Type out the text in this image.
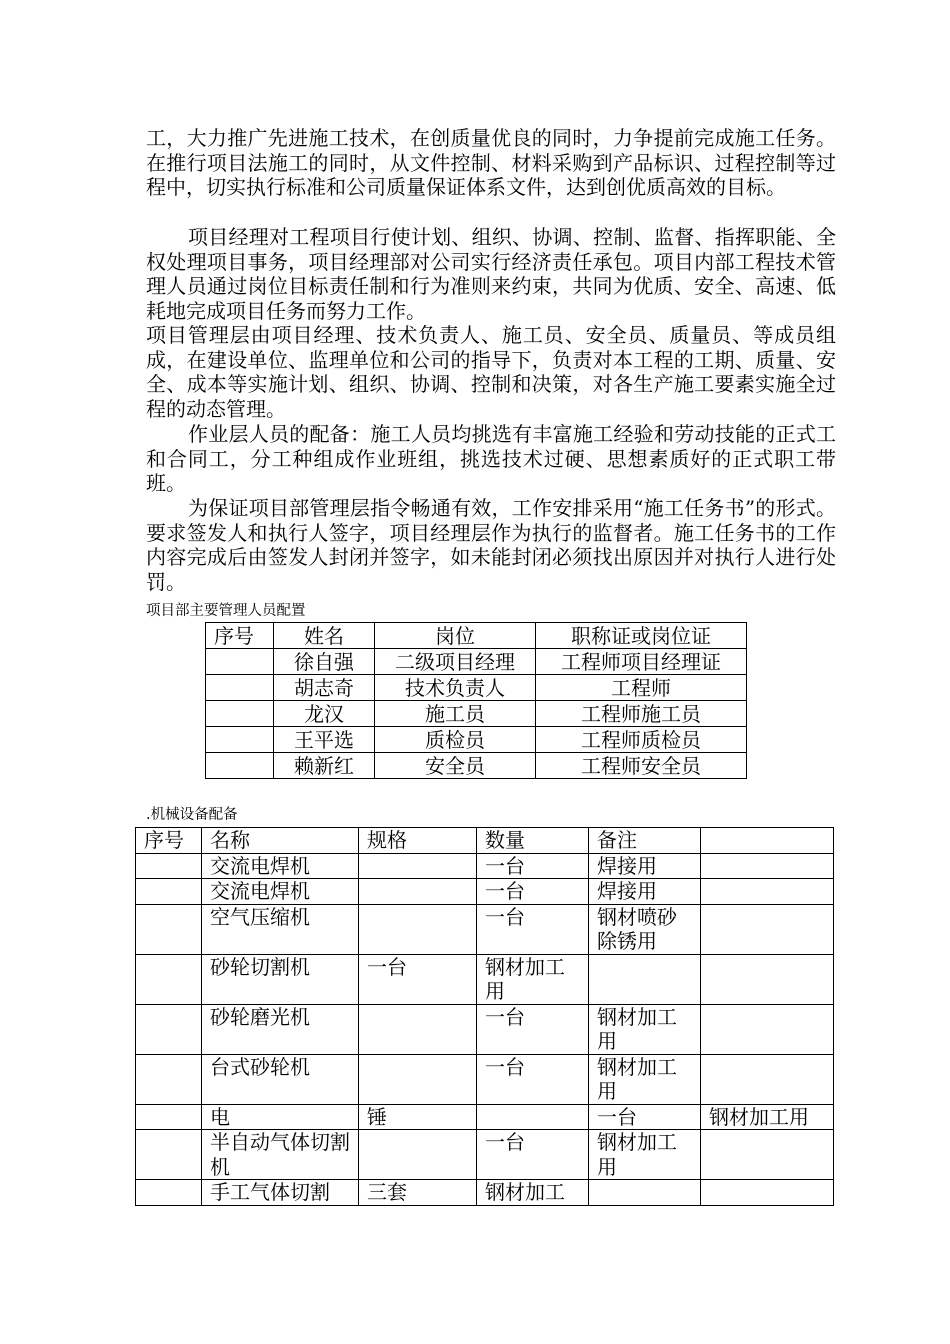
工，大力推广先进施工技术，在创质量优良的同时，力争提前完成施工任务。在推行项目法施工的同时，从文件控制、材料采购到产品标识、过程控制等过程中，切实执行标准和公司质量保证体系文件，达到创优质高效的目标。

项目经理对工程项目行使计划、组织、协调、控制、监督、指挥职能、全权处理项目事务，项目经理部对公司实行经济责任承包。项目内部工程技术管理人员通过岗位目标责任制和行为准则来约束，共同为优质、安全、高速、低耗地完成项目任务而努力工作。

项目管理层由项目经理、技术负责人、施工员、安全员、质量员、等成员组成，在建设单位、监理单位和公司的指导下，负责对本工程的工期、质量、安全、成本等实施计划、组织、协调、控制和决策，对各生产施工要素实施全过程的动态管理。

作业层人员的配备：施工人员均挑选有丰富施工经验和劳动技能的正式工和合同工，分工种组成作业班组，挑选技术过硬、思想素质好的正式职工带班。

为保证项目部管理层指令畅通有效，工作安排采用“施工任务书”的形式。要求签发人和执行人签字，项目经理层作为执行的监督者。施工任务书的工作内容完成后由签发人封闭并签字，如未能封闭必须找出原因并对执行人进行处罚。

项目部主要管理人员配置
序号	姓名	岗位	职称证或岗位证
	徐自强	二级项目经理	工程师项目经理证
	胡志奇	技术负责人	工程师
	龙汉	施工员	工程师施工员
	王平选	质检员	工程师质检员
	赖新红	安全员	工程师安全员
.机械设备配备
序号	名称	规格	数量	备注	
	交流电焊机		一台	焊接用	
	交流电焊机		一台	焊接用	
	空气压缩机		一台	钢材喷砂除锈用	
	砂轮切割机	一台	钢材加工用		
	砂轮磨光机		一台	钢材加工用	
	台式砂轮机		一台	钢材加工用	
	电	锤		一台	钢材加工用
	半自动气体切割机		一台	钢材加工用	
	手工气体切割	三套	钢材加工		
